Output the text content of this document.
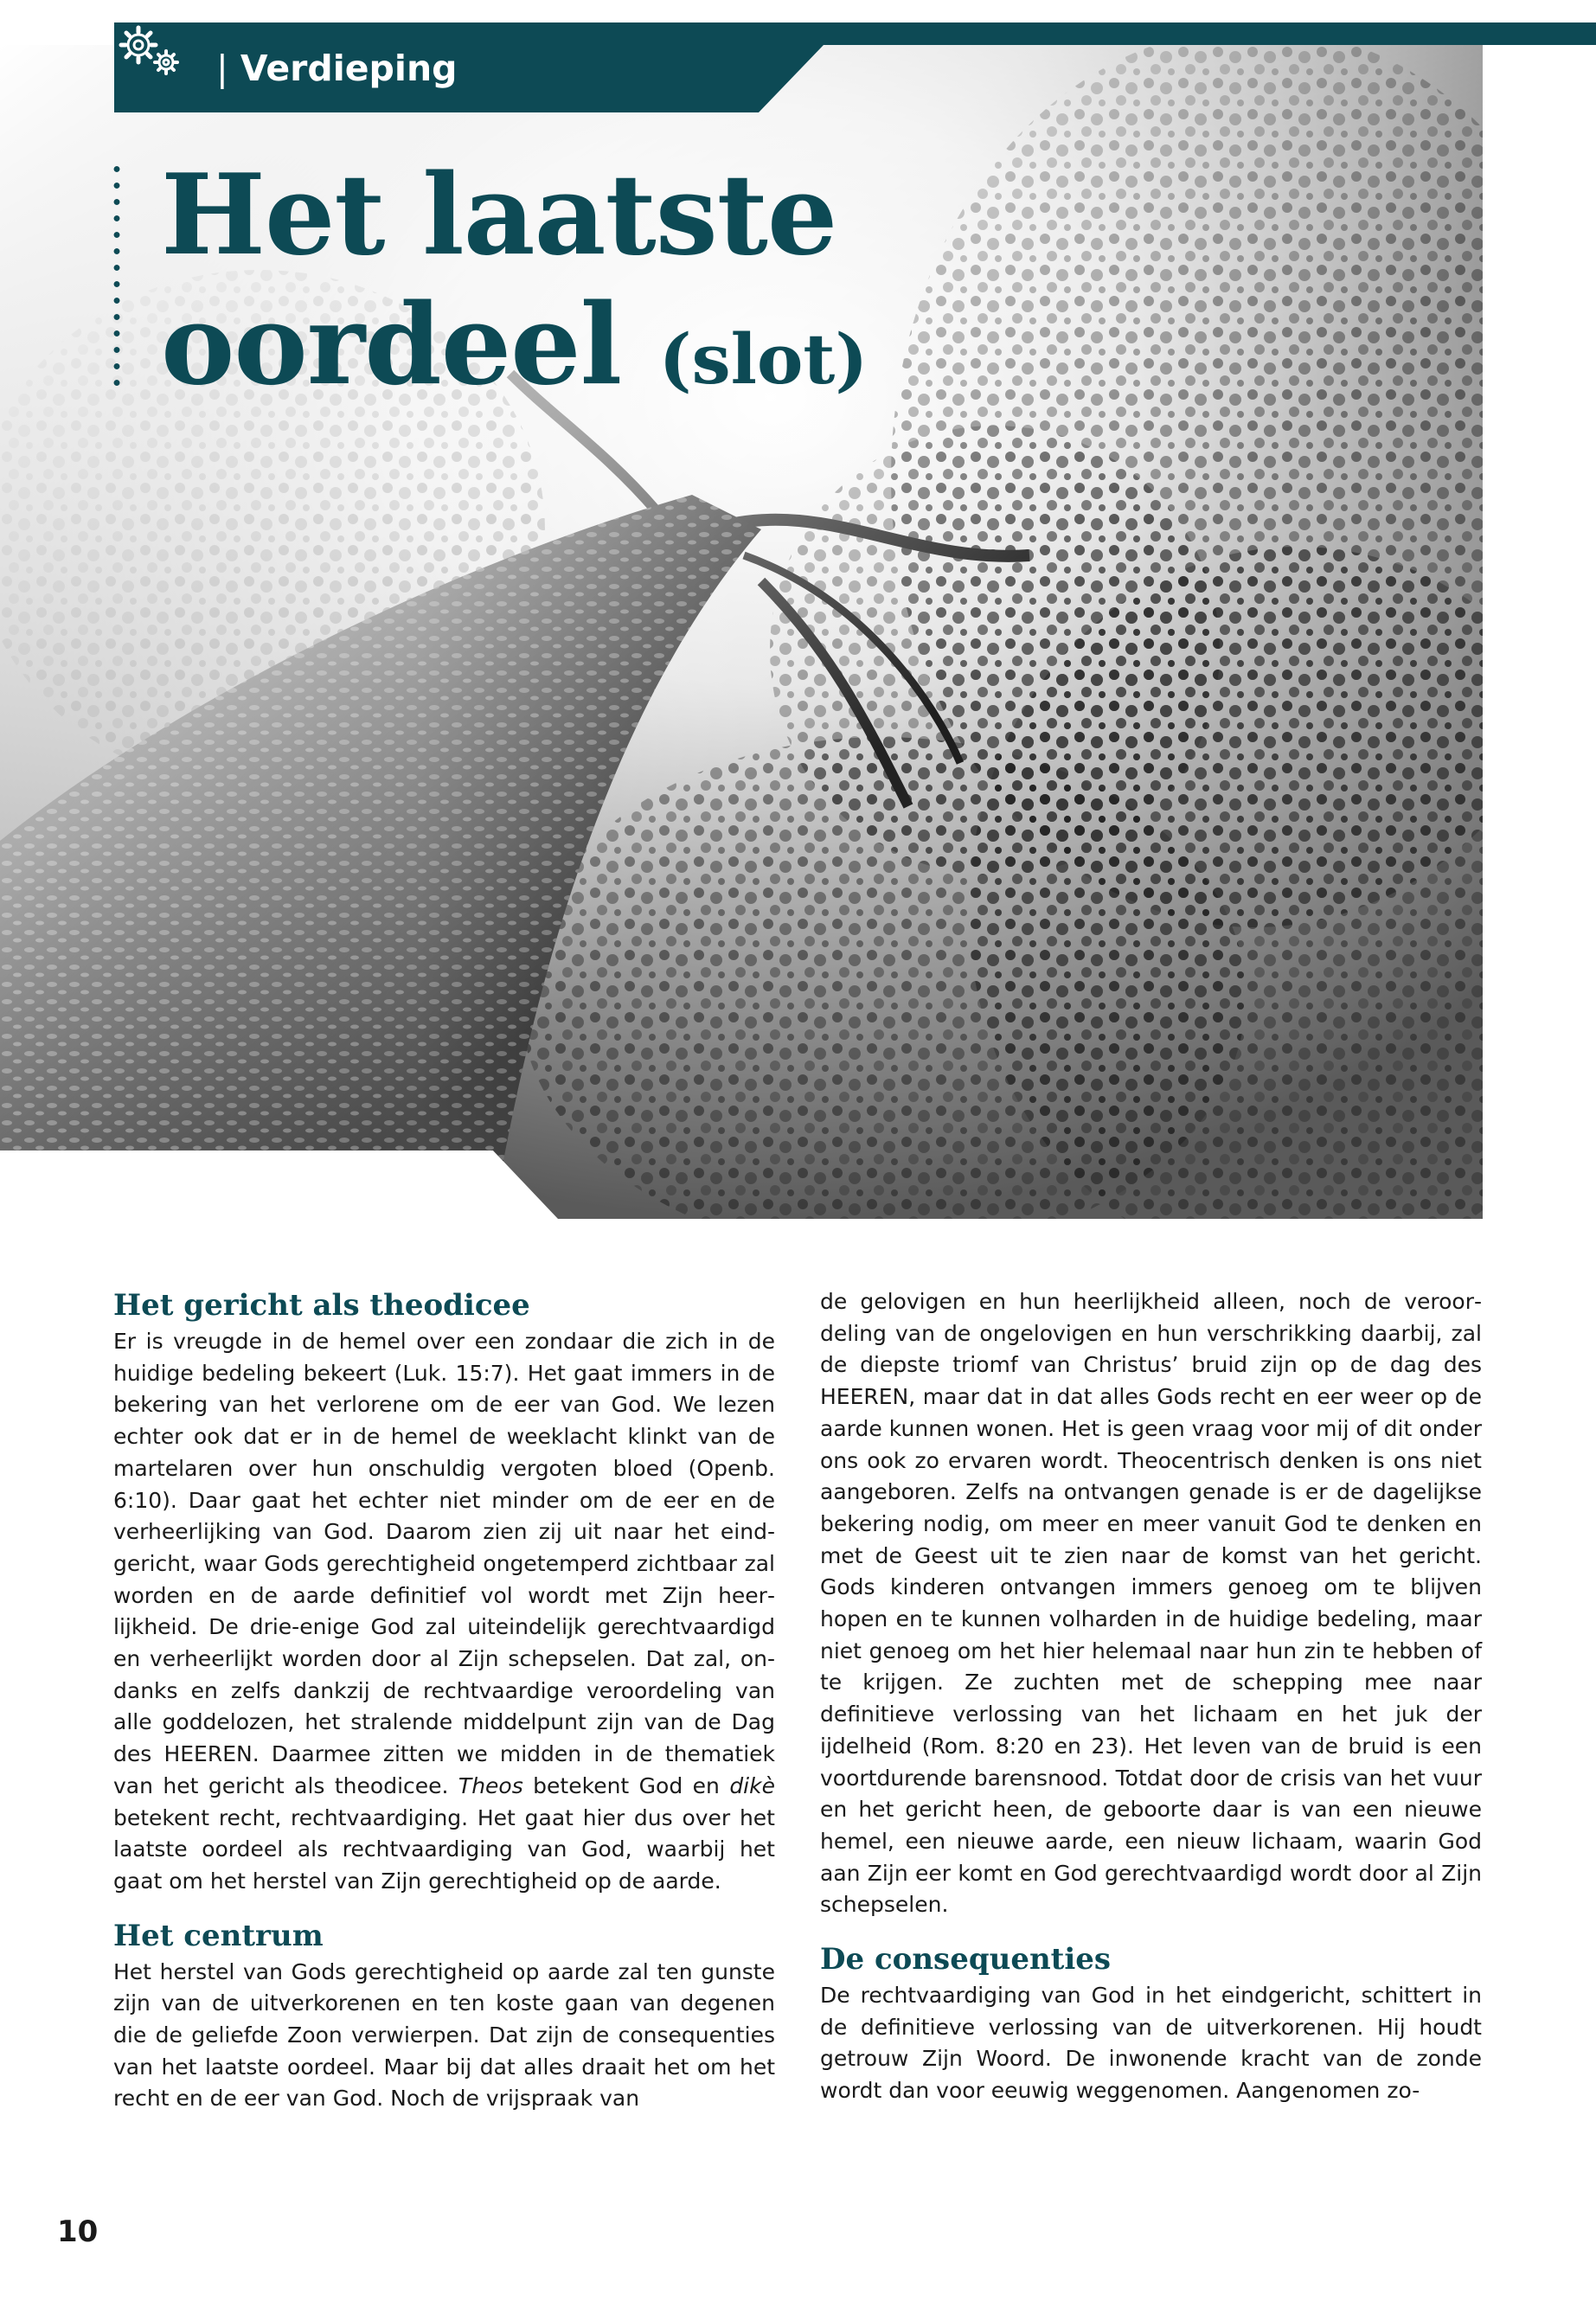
| Verdieping
Het laatste
oordeel (slot)
Het gericht als theodicee

Er is vreugde in de hemel over een zondaar die zich in de huidige bedeling bekeert (Luk. 15:7). Het gaat immers in de bekering van het verlorene om de eer van God. We lezen echter ook dat er in de hemel de weeklacht klinkt van de martelaren over hun onschuldig vergoten bloed (Openb. 6:10). Daar gaat het echter niet minder om de eer en de verheerlijking van God. Daarom zien zij uit naar het eindgericht, waar Gods gerechtigheid ongetemperd zichtbaar zal worden en de aarde definitief vol wordt met Zijn heerlijkheid. De drie-enige God zal uiteindelijk gerechtvaardigd en verheerlijkt worden door al Zijn schepselen. Dat zal, ondanks en zelfs dankzij de rechtvaardige veroordeling van alle goddelozen, het stralende middelpunt zijn van de Dag des HEEREN. Daarmee zitten we midden in de thematiek van het gericht als theodicee. Theos betekent God en dikè betekent recht, rechtvaardiging. Het gaat hier dus over het laatste oordeel als rechtvaardiging van God, waarbij het gaat om het herstel van Zijn gerechtigheid op de aarde.

Het centrum

Het herstel van Gods gerechtigheid op aarde zal ten gunste zijn van de uitverkorenen en ten koste gaan van degenen die de geliefde Zoon verwierpen. Dat zijn de consequenties van het laatste oordeel. Maar bij dat alles draait het om het recht en de eer van God. Noch de vrijspraak van

de gelovigen en hun heerlijkheid alleen, noch de veroordeling van de ongelovigen en hun verschrikking daarbij, zal de diepste triomf van Christus’ bruid zijn op de dag des HEEREN, maar dat in dat alles Gods recht en eer weer op de aarde kunnen wonen. Het is geen vraag voor mij of dit onder ons ook zo ervaren wordt. Theocentrisch denken is ons niet aangeboren. Zelfs na ontvangen genade is er de dagelijkse bekering nodig, om meer en meer vanuit God te denken en met de Geest uit te zien naar de komst van het gericht. Gods kinderen ontvangen immers genoeg om te blijven hopen en te kunnen volharden in de huidige bedeling, maar niet genoeg om het hier helemaal naar hun zin te hebben of te krijgen. Ze zuchten met de schepping mee naar definitieve verlossing van het lichaam en het juk der ijdelheid (Rom. 8:20 en 23). Het leven van de bruid is een voortdurende barensnood. Totdat door de crisis van het vuur en het gericht heen, de geboorte daar is van een nieuwe hemel, een nieuwe aarde, een nieuw lichaam, waarin God aan Zijn eer komt en God gerechtvaardigd wordt door al Zijn schepselen.

De consequenties

De rechtvaardiging van God in het eindgericht, schittert in de definitieve verlossing van de uitverkorenen. Hij houdt getrouw Zijn Woord. De inwonende kracht van de zonde wordt dan voor eeuwig weggenomen. Aangenomen zo-

10
